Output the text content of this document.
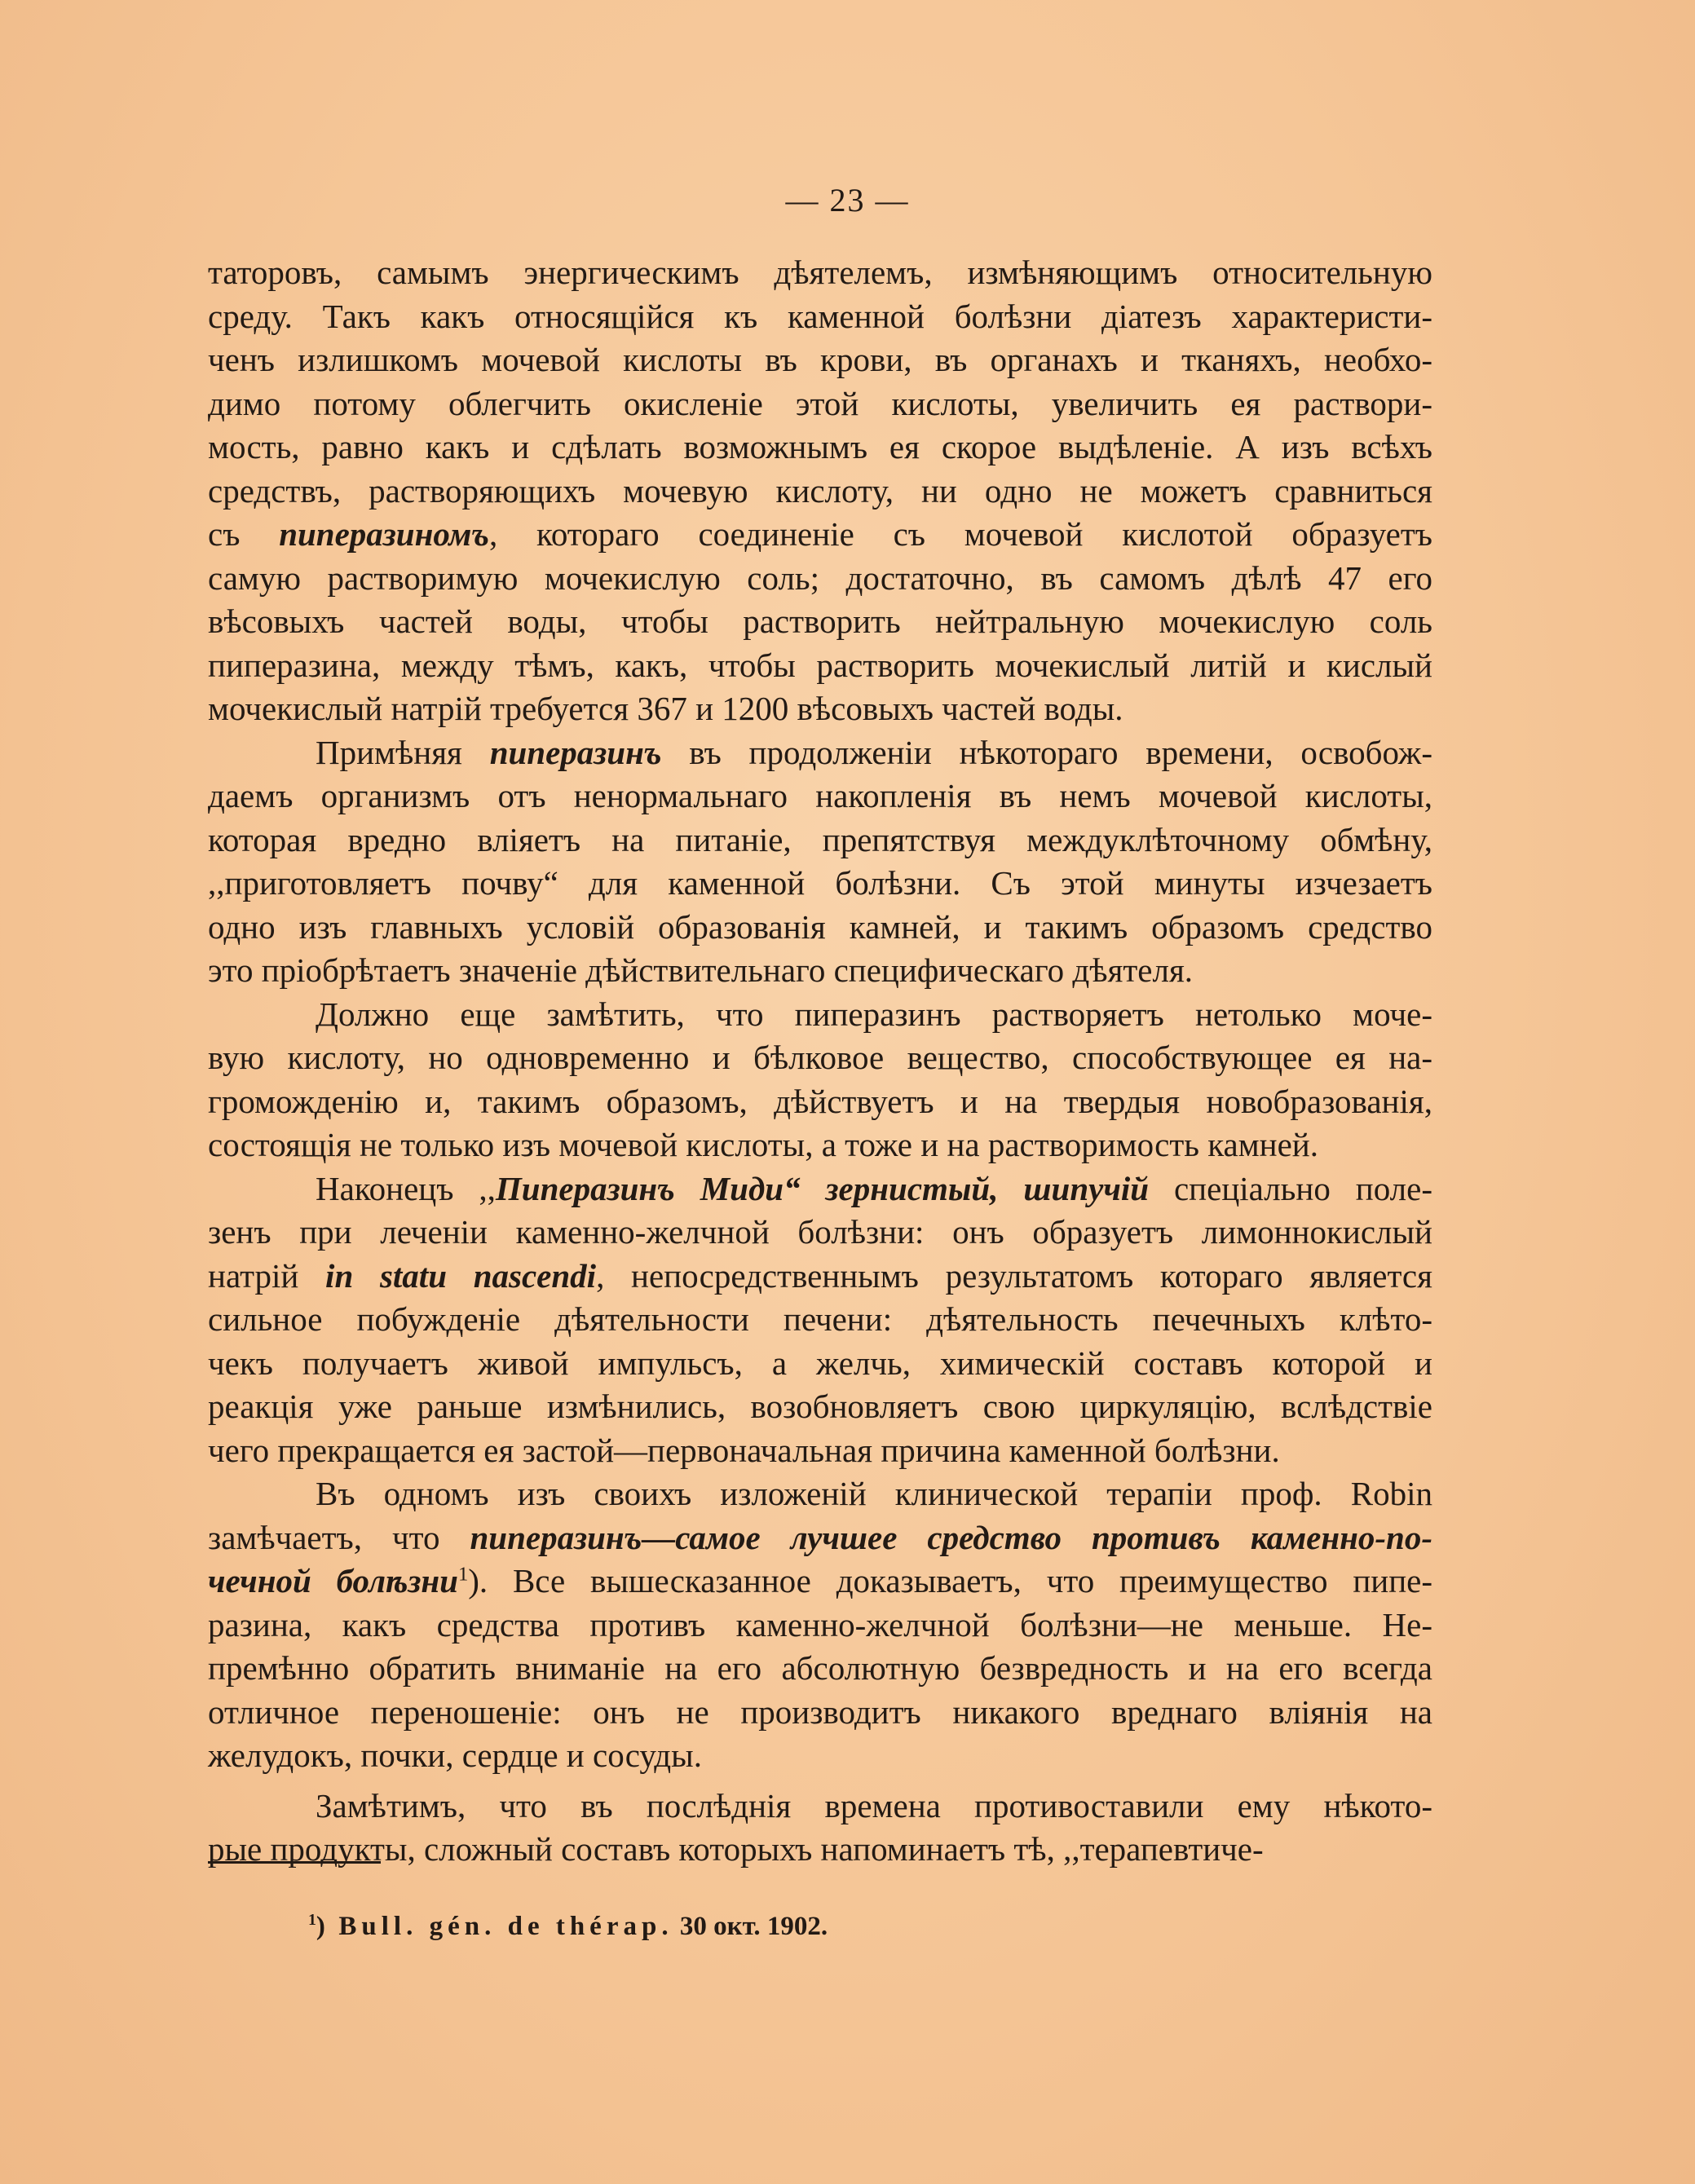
— 23 —
таторовъ, самымъ энергическимъ дѣятелемъ, измѣняющимъ относительную
среду. Такъ какъ относящійся къ каменной болѣзни діатезъ характеристи-
ченъ излишкомъ мочевой кислоты въ крови, въ органахъ и тканяхъ, необхо-
димо потому облегчить окисленіе этой кислоты, увеличить ея раствори-
мость, равно какъ и сдѣлать возможнымъ ея скорое выдѣленіе. А изъ всѣхъ
средствъ, растворяющихъ мочевую кислоту, ни одно не можетъ сравниться
съ пиперазиномъ, котораго соединеніе съ мочевой кислотой образуетъ
самую растворимую мочекислую соль; достаточно, въ самомъ дѣлѣ 47 его
вѣсовыхъ частей воды, чтобы растворить нейтральную мочекислую соль
пиперазина, между тѣмъ, какъ, чтобы растворить мочекислый литій и кислый
мочекислый натрій требуется 367 и 1200 вѣсовыхъ частей воды.
Примѣняя пиперазинъ въ продолженіи нѣкотораго времени, освобож-
даемъ организмъ отъ ненормальнаго накопленія въ немъ мочевой кислоты,
которая вредно вліяетъ на питаніе, препятствуя междуклѣточному обмѣну,
,,приготовляетъ почву“ для каменной болѣзни. Съ этой минуты изчезаетъ
одно изъ главныхъ условій образованія камней, и такимъ образомъ средство
это пріобрѣтаетъ значеніе дѣйствительнаго специфическаго дѣятеля.
Должно еще замѣтить, что пиперазинъ растворяетъ нетолько моче-
вую кислоту, но одновременно и бѣлковое вещество, способствующее ея на-
громожденію и, такимъ образомъ, дѣйствуетъ и на твердыя новобразованія,
состоящія не только изъ мочевой кислоты, а тоже и на растворимость камней.
Наконецъ ,,Пиперазинъ Миди“ зернистый, шипучій спеціально поле-
зенъ при леченіи каменно-желчной болѣзни: онъ образуетъ лимоннокислый
натрій in statu nascendi, непосредственнымъ результатомъ котораго является
сильное побужденіе дѣятельности печени: дѣятельность печечныхъ клѣто-
чекъ получаетъ живой импульсъ, а желчь, химическій составъ которой и
реакція уже раньше измѣнились, возобновляетъ свою циркуляцію, вслѣдствіе
чего прекращается ея застой—первоначальная причина каменной болѣзни.
Въ одномъ изъ своихъ изложеній клинической терапіи проф. Robin
замѣчаетъ, что пиперазинъ—самое лучшее средство противъ каменно-по-
чечной болѣзни$^1$). Все вышесказанное доказываетъ, что преимущество пипе-
разина, какъ средства противъ каменно-желчной болѣзни—не меньше. Не-
премѣнно обратить вниманіе на его абсолютную безвредность и на его всегда
отличное переношеніе: онъ не производитъ никакого вреднаго вліянія на
желудокъ, почки, сердце и сосуды.
Замѣтимъ, что въ послѣднія времена противоставили ему нѣкото-
рые продукты, сложный составъ которыхъ напоминаетъ тѣ, ,,терапевтиче-
$^1$)  Bull. gén. de thérap. 30 окт. 1902.
